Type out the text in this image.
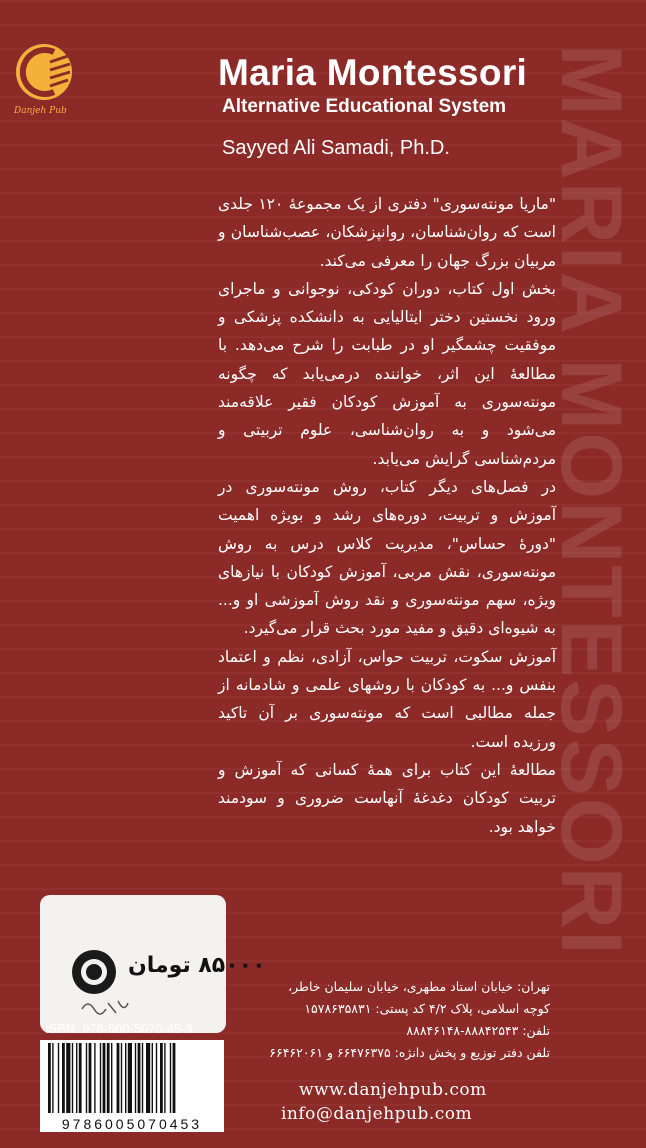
Danjeh Pub	MARIA MONTESSORI
Maria Montessori
Alternative Educational System
Sayyed Ali Samadi, Ph.D.

"ماریا مونته‌سوری" دفتری از یک مجموعهٔ ۱۲۰ جلدی است که روان‌شناسان، روانپزشکان، عصب‌شناسان و مربیان بزرگ جهان را معرفی می‌کند.

بخش اول کتاب، دوران کودکی، نوجوانی و ماجرای ورود نخستین دختر ایتالیایی به دانشکده پزشکی و موفقیت چشمگیر او در طبابت را شرح می‌دهد. با مطالعهٔ این اثر، خواننده درمی‌یابد که چگونه مونته‌سوری به آموزش کودکان فقیر علاقه‌مند می‌شود و به روان‌شناسی، علوم تربیتی و مردم‌شناسی گرایش می‌یابد.

در فصل‌های دیگر کتاب، روش مونته‌سوری در آموزش و تربیت، دوره‌های رشد و بویژه اهمیت "دورهٔ حساس"، مدیریت کلاس درس به روش مونته‌سوری، نقش مربی، آموزش کودکان با نیازهای ویژه، سهم مونته‌سوری و نقد روش آموزشی او و... به شیوه‌ای دقیق و مفید مورد بحث قرار می‌گیرد.

آموزش سکوت، تربیت حواس، آزادی، نظم و اعتماد بنفس و... به کودکان با روشهای علمی و شادمانه از جمله مطالبی است که مونته‌سوری بر آن تاکید ورزیده است.

مطالعهٔ این کتاب برای همهٔ کسانی که آموزش و تربیت کودکان دغدغهٔ آنهاست ضروری و سودمند خواهد بود.

۸۵۰۰۰ تومان
ISBN: 978-600-5070-45-3
9786005070453
تهران: خیابان استاد مطهری، خیابان سلیمان خاطر،
کوچه اسلامی، پلاک ۴/۲ کد پستی: ۱۵۷۸۶۳۵۸۳۱
تلفن: ۸۸۸۴۲۵۴۳-۸۸۸۴۶۱۴۸
تلفن دفتر توزیع و پخش دانژه: ۶۶۴۷۶۳۷۵ و ۶۶۴۶۲۰۶۱
www.danjehpub.com
info@danjehpub.com
